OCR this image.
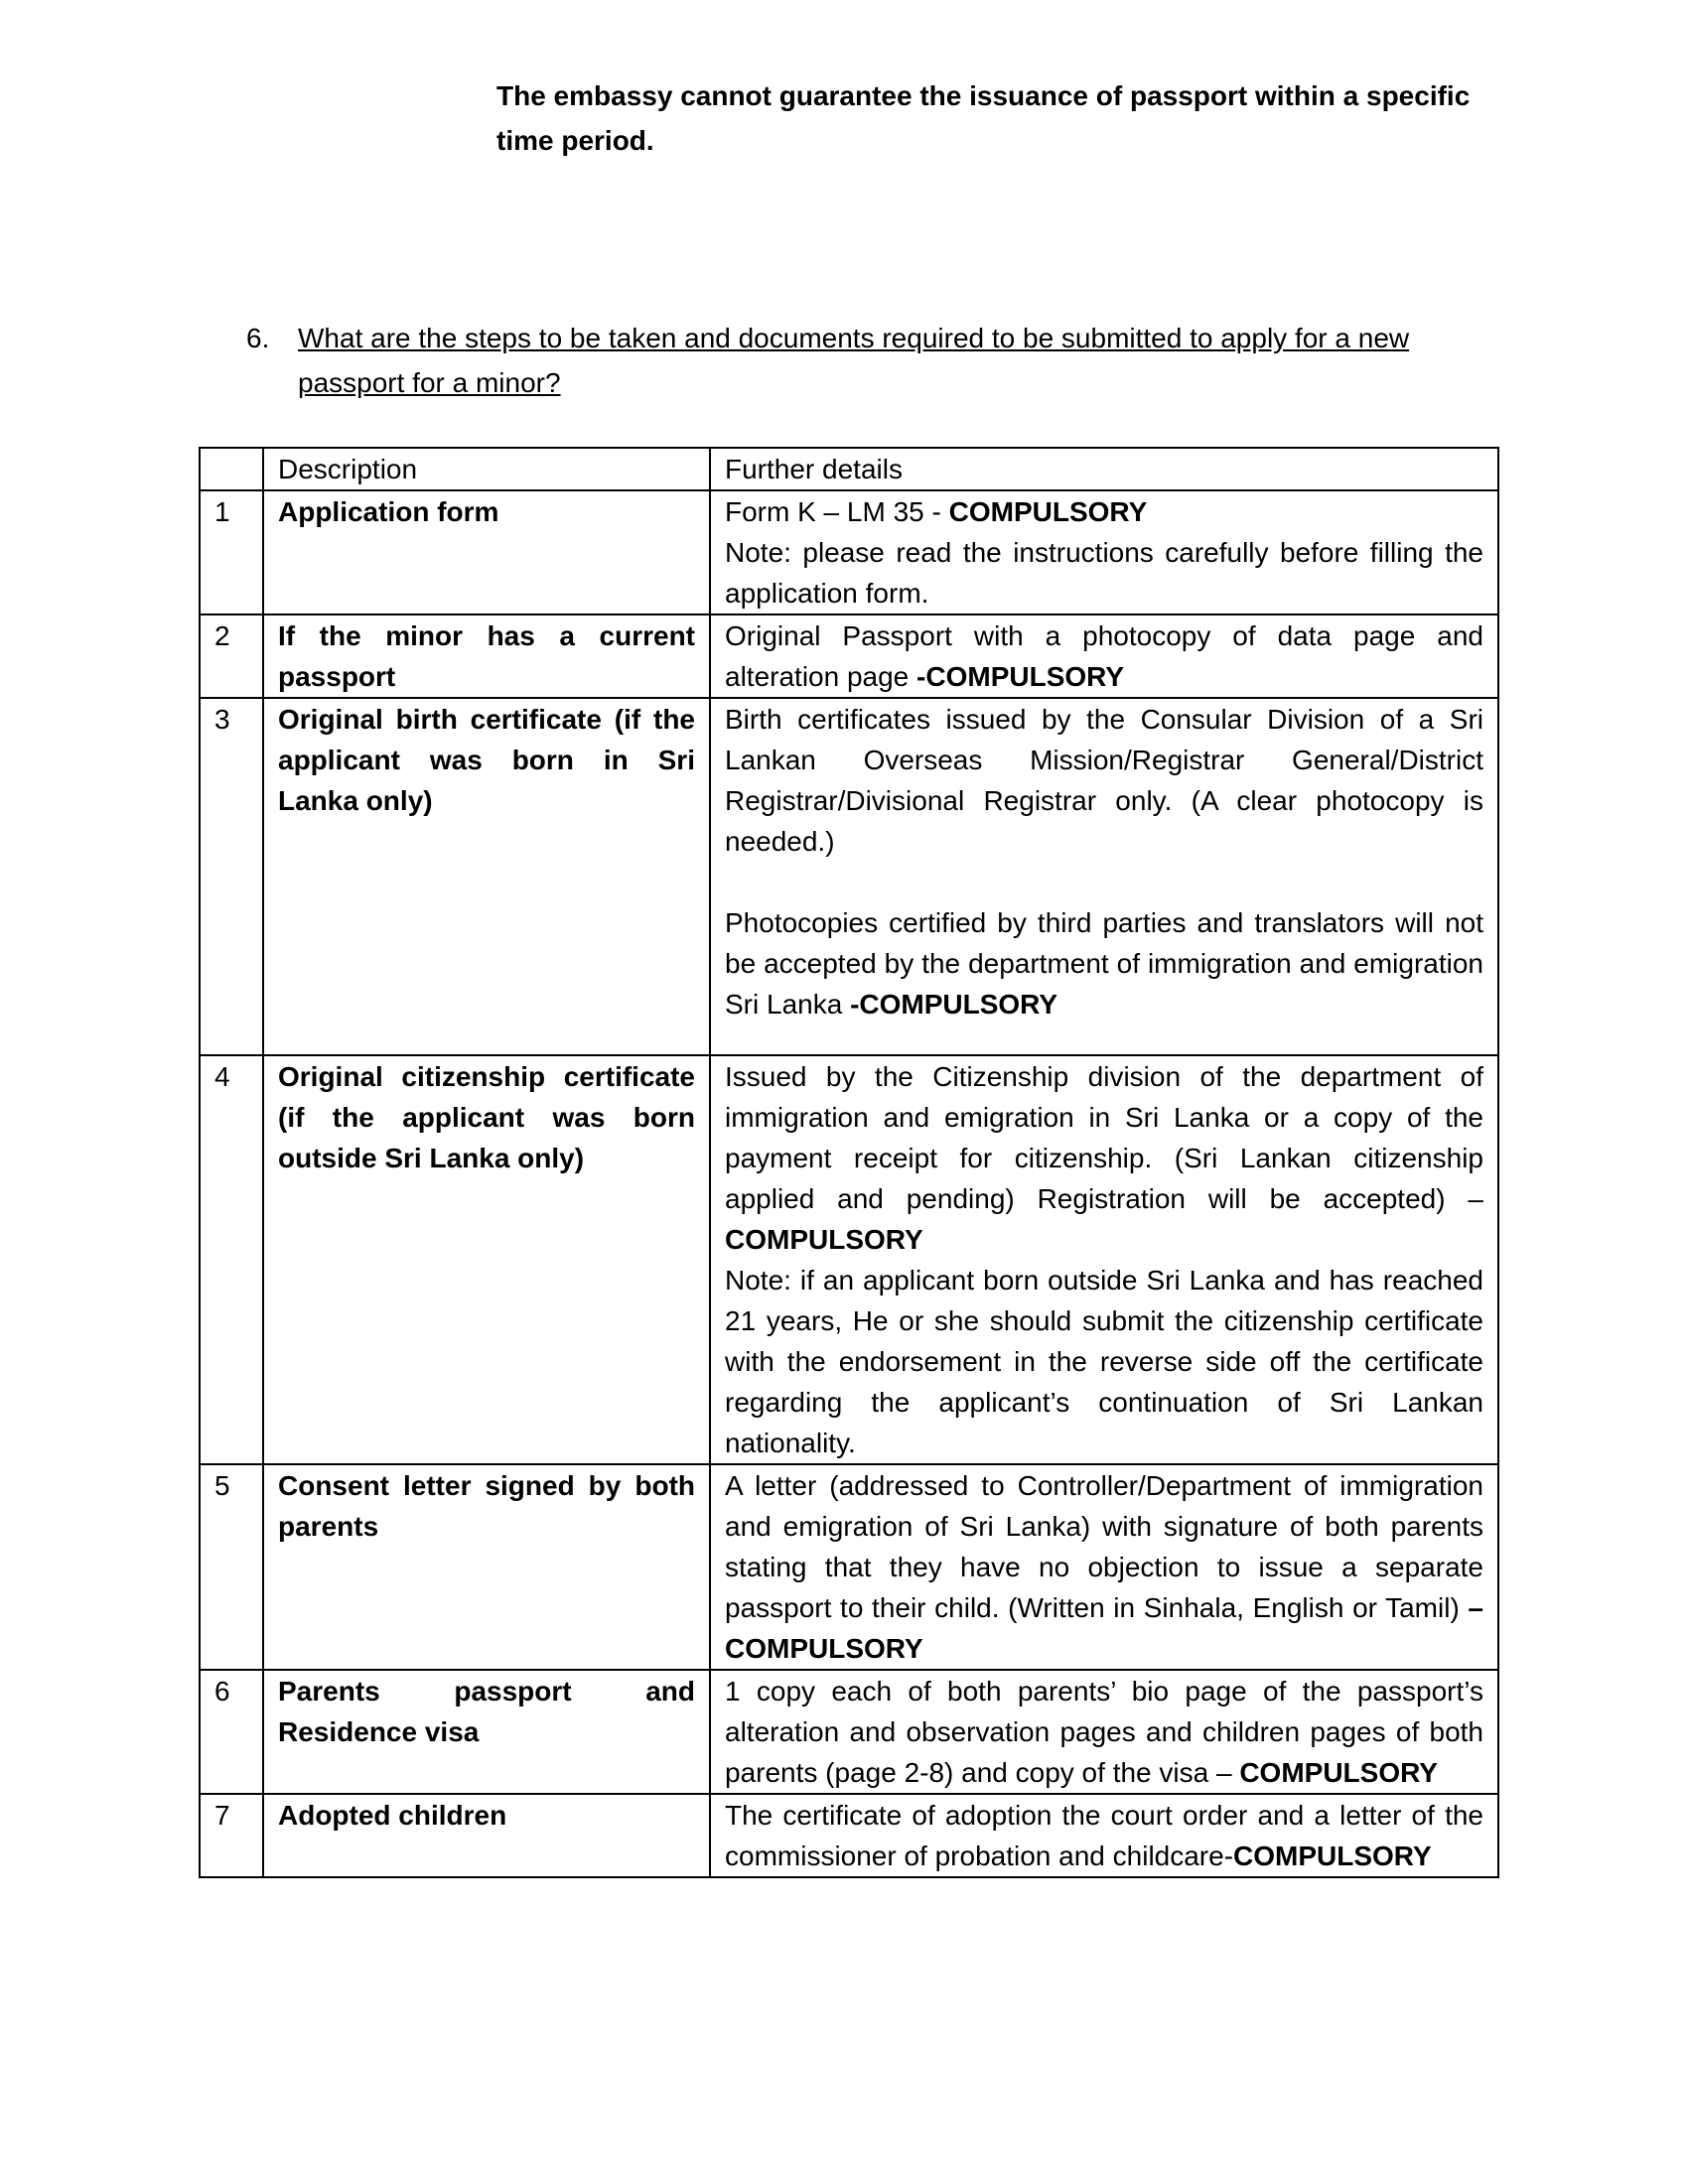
The embassy cannot guarantee the issuance of passport within a specific time period.
6.	What are the steps to be taken and documents required to be submitted to apply for a new passport for a minor?
	Description	Further details
1	Application form	Form K – LM 35 - COMPULSORY
Note: please read the instructions carefully before filling the application form.

2	If the minor has a current passport	Original Passport with a photocopy of data page and alteration page -COMPULSORY

3	Original birth certificate (if the applicant was born in Sri Lanka only)	Birth certificates issued by the Consular Division of a Sri Lankan Overseas Mission/Registrar General/District Registrar/Divisional Registrar only. (A clear photocopy is needed.)
Photocopies certified by third parties and translators will not be accepted by the department of immigration and emigration Sri Lanka -COMPULSORY

4	Original citizenship certificate (if the applicant was born outside Sri Lanka only)	Issued by the Citizenship division of the department of immigration and emigration in Sri Lanka or a copy of the payment receipt for citizenship. (Sri Lankan citizenship applied and pending) Registration will be accepted) – COMPULSORY
Note: if an applicant born outside Sri Lanka and has reached 21 years, He or she should submit the citizenship certificate with the endorsement in the reverse side off the certificate regarding the applicant’s continuation of Sri Lankan nationality.

5	Consent letter signed by both parents	A letter (addressed to Controller/Department of immigration and emigration of Sri Lanka) with signature of both parents stating that they have no objection to issue a separate passport to their child. (Written in Sinhala, English or Tamil) – COMPULSORY

6	Parents passport and Residence visa	1 copy each of both parents’ bio page of the passport’s alteration and observation pages and children pages of both parents (page 2-8) and copy of the visa – COMPULSORY

7	Adopted children	The certificate of adoption the court order and a letter of the commissioner of probation and childcare-COMPULSORY
